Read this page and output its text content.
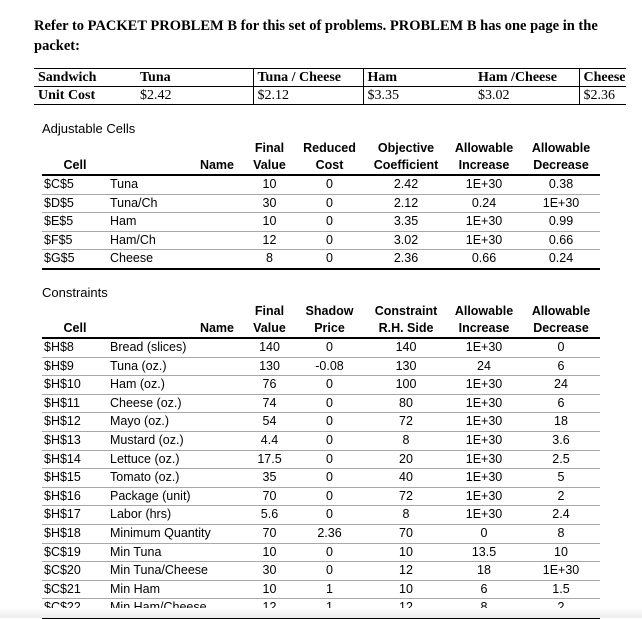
Refer to PACKET PROBLEM B for this set of problems. PROBLEM B has one page in the packet:
Sandwich	Tuna	Tuna / Cheese	Ham	Ham /Cheese	Cheese
Unit Cost	$2.42	$2.12	$3.35	$3.02	$2.36
Adjustable Cells
		Final	Reduced	Objective	Allowable	Allowable
Cell	Name	Value	Cost	Coefficient	Increase	Decrease
$C$5	Tuna	10	0	2.42	1E+30	0.38
$D$5	Tuna/Ch	30	0	2.12	0.24	1E+30
$E$5	Ham	10	0	3.35	1E+30	0.99
$F$5	Ham/Ch	12	0	3.02	1E+30	0.66
$G$5	Cheese	8	0	2.36	0.66	0.24
Constraints
		Final	Shadow	Constraint	Allowable	Allowable
Cell	Name	Value	Price	R.H. Side	Increase	Decrease
$H$8	Bread (slices)	140	0	140	1E+30	0
$H$9	Tuna (oz.)	130	-0.08	130	24	6
$H$10	Ham (oz.)	76	0	100	1E+30	24
$H$11	Cheese (oz.)	74	0	80	1E+30	6
$H$12	Mayo (oz.)	54	0	72	1E+30	18
$H$13	Mustard (oz.)	4.4	0	8	1E+30	3.6
$H$14	Lettuce (oz.)	17.5	0	20	1E+30	2.5
$H$15	Tomato (oz.)	35	0	40	1E+30	5
$H$16	Package (unit)	70	0	72	1E+30	2
$H$17	Labor (hrs)	5.6	0	8	1E+30	2.4
$H$18	Minimum Quantity	70	2.36	70	0	8
$C$19	Min Tuna	10	0	10	13.5	10
$C$20	Min Tuna/Cheese	30	0	12	18	1E+30
$C$21	Min Ham	10	1	10	6	1.5
